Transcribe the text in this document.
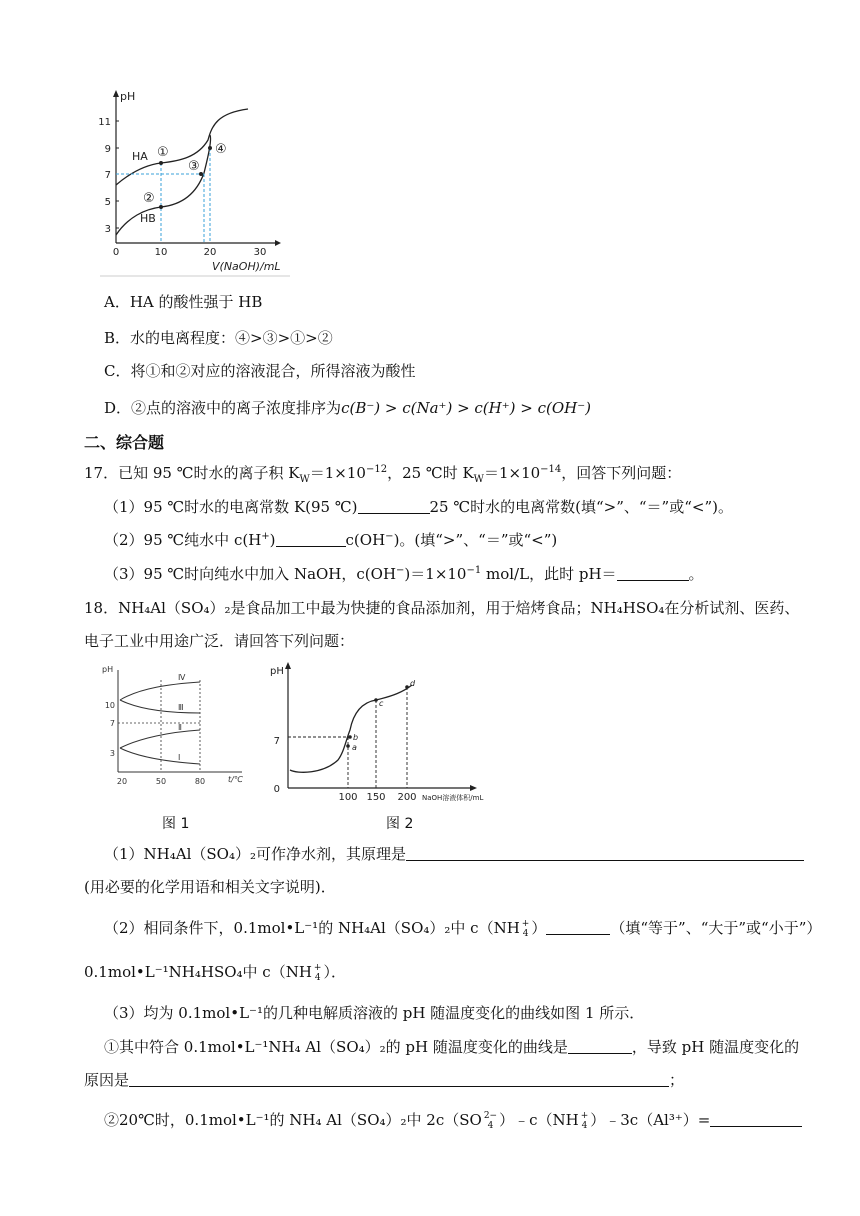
pH
3
5
7
9
11
0	10	20	30
V(NaOH)/mL
HA
HB
①
②
③
④
A．HA 的酸性强于 HB
B．水的电离程度：④>③>①>②
C．将①和②对应的溶液混合，所得溶液为酸性
D．②点的溶液中的离子浓度排序为c(B⁻) > c(Na⁺) > c(H⁺) > c(OH⁻)
二、综合题
17．已知 95 ℃时水的离子积 $K_W=1\times 10^{-12}$，25 ℃时 $K_W=1\times 10^{-14}$，回答下列问题：
（1）95 ℃时水的电离常数 K(95 ℃)	25 ℃时水的电离常数(填“>”、“＝”或“<”)。
（2）95 ℃纯水中 c(H+)	c(OH−)。(填“>”、“＝”或“<”)
（3）95 ℃时向纯水中加入 NaOH，$c(OH^-)=1\times 10^{-1}$ mol/L，此时 pH＝	。
18．NH₄Al（SO₄）₂是食品加工中最为快捷的食品添加剂，用于焙烤食品；NH₄HSO₄在分析试剂、医药、
电子工业中用途广泛．请回答下列问题：
pH
10
7
3
20	50	80	t/℃
Ⅳ
Ⅲ
Ⅱ
Ⅰ
图 1
pH
7
0
100 150 200 NaOH溶液体积/mL
a
b
c
d
图 2
（1）NH₄Al（SO₄）₂可作净水剂，其原理是
(用必要的化学用语和相关文字说明)．
（2）相同条件下，0.1mol•L⁻¹的 NH₄Al（SO₄）₂中 c（NH +
4 ）	（填“等于”、“大于”或“小于”）
0.1mol•L⁻¹NH₄HSO₄中 c（NH +
4 ）．
（3）均为 0.1mol•L⁻¹的几种电解质溶液的 pH 随温度变化的曲线如图 1 所示．
①其中符合 0.1mol•L⁻¹NH₄ Al（SO₄）₂的 pH 随温度变化的曲线是	，导致 pH 随温度变化的
原因是	；
②20℃时，0.1mol•L⁻¹的 NH₄ Al（SO₄）₂中 2c（SO 2−
4 ）﹣c（NH +
4 ）﹣3c（Al³⁺）=
